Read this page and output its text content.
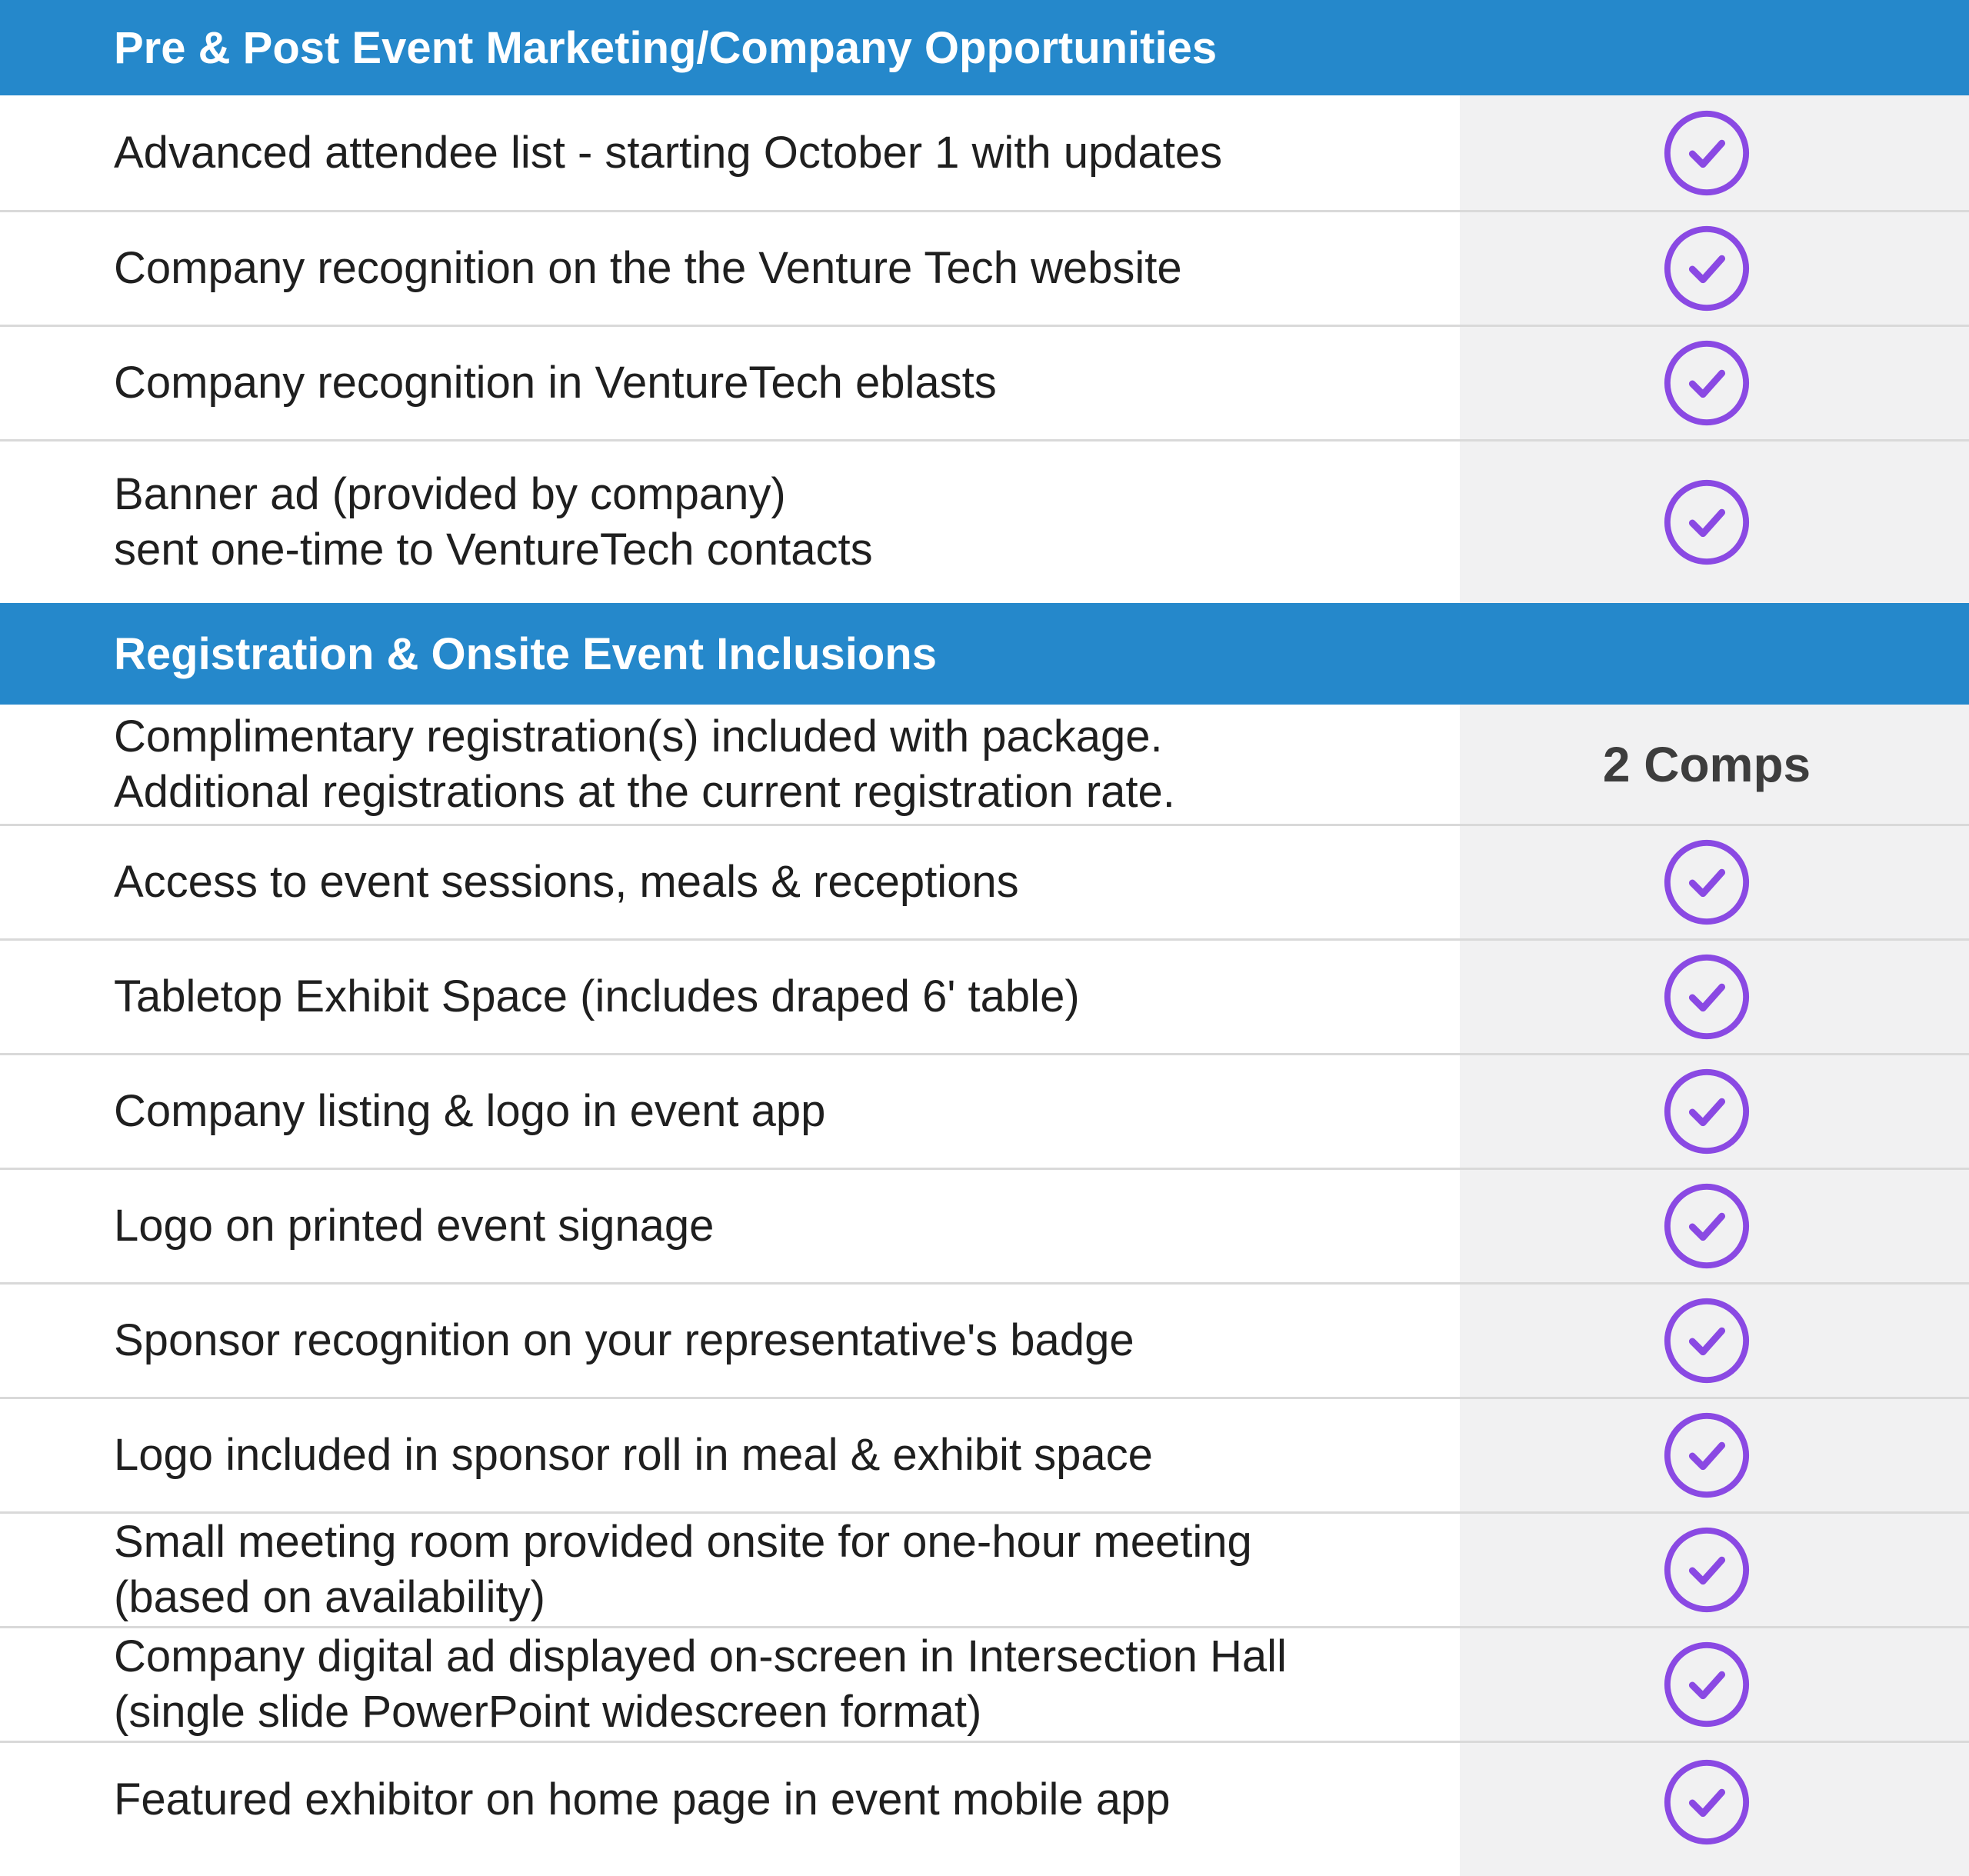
Pre & Post Event Marketing/Company Opportunities
Advanced attendee list - starting October 1 with updates
Company recognition on the the Venture Tech website
Company recognition in VentureTech eblasts
Banner ad (provided by company)
sent one-time to VentureTech contacts
Registration & Onsite Event Inclusions
Complimentary registration(s) included with package.
Additional registrations at the current registration rate.	2 Comps
Access to event sessions, meals & receptions
Tabletop Exhibit Space (includes draped 6' table)
Company listing & logo in event app
Logo on printed event signage
Sponsor recognition on your representative's badge
Logo included in sponsor roll in meal & exhibit space
Small meeting room provided onsite for one-hour meeting
(based on availability)
Company digital ad displayed on-screen in Intersection Hall
(single slide PowerPoint widescreen format)
Featured exhibitor on home page in event mobile app
